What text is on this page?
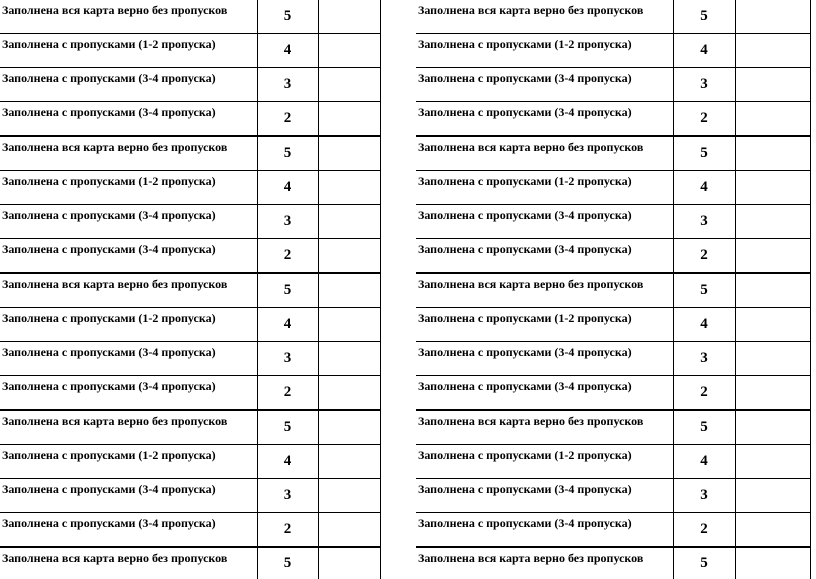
Заполнена вся карта верно без пропусков	5	
Заполнена с пропусками (1-2 пропуска)	4	
Заполнена с пропусками (3-4 пропуска)	3	
Заполнена с пропусками (3-4 пропуска)	2	
Заполнена вся карта верно без пропусков	5	
Заполнена с пропусками (1-2 пропуска)	4	
Заполнена с пропусками (3-4 пропуска)	3	
Заполнена с пропусками (3-4 пропуска)	2	
Заполнена вся карта верно без пропусков	5	
Заполнена с пропусками (1-2 пропуска)	4	
Заполнена с пропусками (3-4 пропуска)	3	
Заполнена с пропусками (3-4 пропуска)	2	
Заполнена вся карта верно без пропусков	5	
Заполнена с пропусками (1-2 пропуска)	4	
Заполнена с пропусками (3-4 пропуска)	3	
Заполнена с пропусками (3-4 пропуска)	2	
Заполнена вся карта верно без пропусков	5	
Заполнена вся карта верно без пропусков	5	
Заполнена с пропусками (1-2 пропуска)	4	
Заполнена с пропусками (3-4 пропуска)	3	
Заполнена с пропусками (3-4 пропуска)	2	
Заполнена вся карта верно без пропусков	5	
Заполнена с пропусками (1-2 пропуска)	4	
Заполнена с пропусками (3-4 пропуска)	3	
Заполнена с пропусками (3-4 пропуска)	2	
Заполнена вся карта верно без пропусков	5	
Заполнена с пропусками (1-2 пропуска)	4	
Заполнена с пропусками (3-4 пропуска)	3	
Заполнена с пропусками (3-4 пропуска)	2	
Заполнена вся карта верно без пропусков	5	
Заполнена с пропусками (1-2 пропуска)	4	
Заполнена с пропусками (3-4 пропуска)	3	
Заполнена с пропусками (3-4 пропуска)	2	
Заполнена вся карта верно без пропусков	5	
